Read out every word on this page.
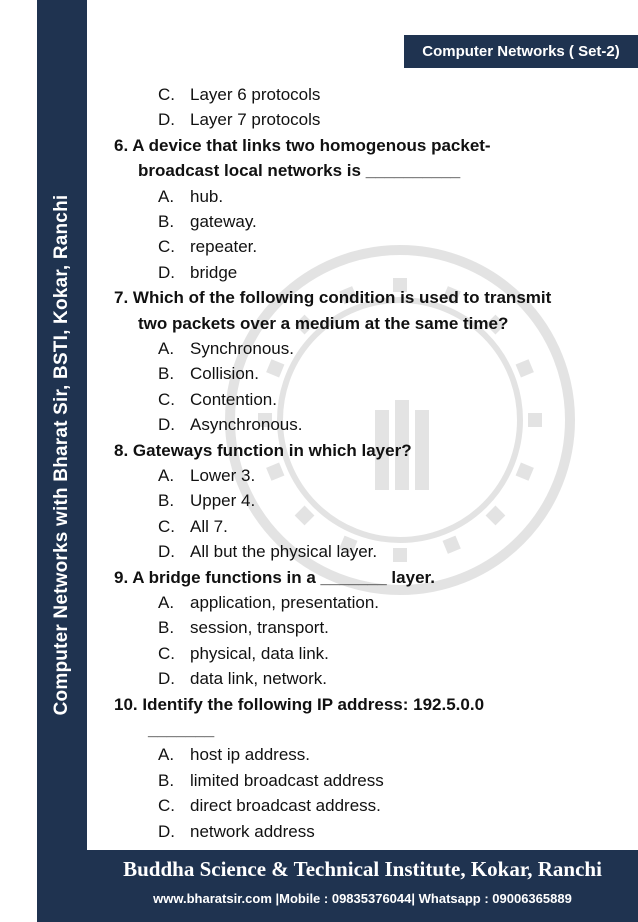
Computer Networks with Bharat Sir, BSTI, Kokar, Ranchi
Computer Networks ( Set-2)
C. Layer 6 protocols
D. Layer 7 protocols
6. A device that links two homogenous packet-
broadcast local networks is __________
A. hub.
B. gateway.
C. repeater.
D. bridge
7. Which of the following condition is used to transmit
two packets over a medium at the same time?
A. Synchronous.
B. Collision.
C. Contention.
D. Asynchronous.
8. Gateways function in which layer?
A. Lower 3.
B. Upper 4.
C. All 7.
D. All but the physical layer.
9. A bridge functions in a _______ layer.
A. application, presentation.
B. session, transport.
C. physical, data link.
D. data link, network.
10. Identify the following IP address: 192.5.0.0
_______
A. host ip address.
B. limited broadcast address
C. direct broadcast address.
D. network address
Buddha Science & Technical Institute, Kokar, Ranchi
www.bharatsir.com |Mobile : 09835376044| Whatsapp : 09006365889
